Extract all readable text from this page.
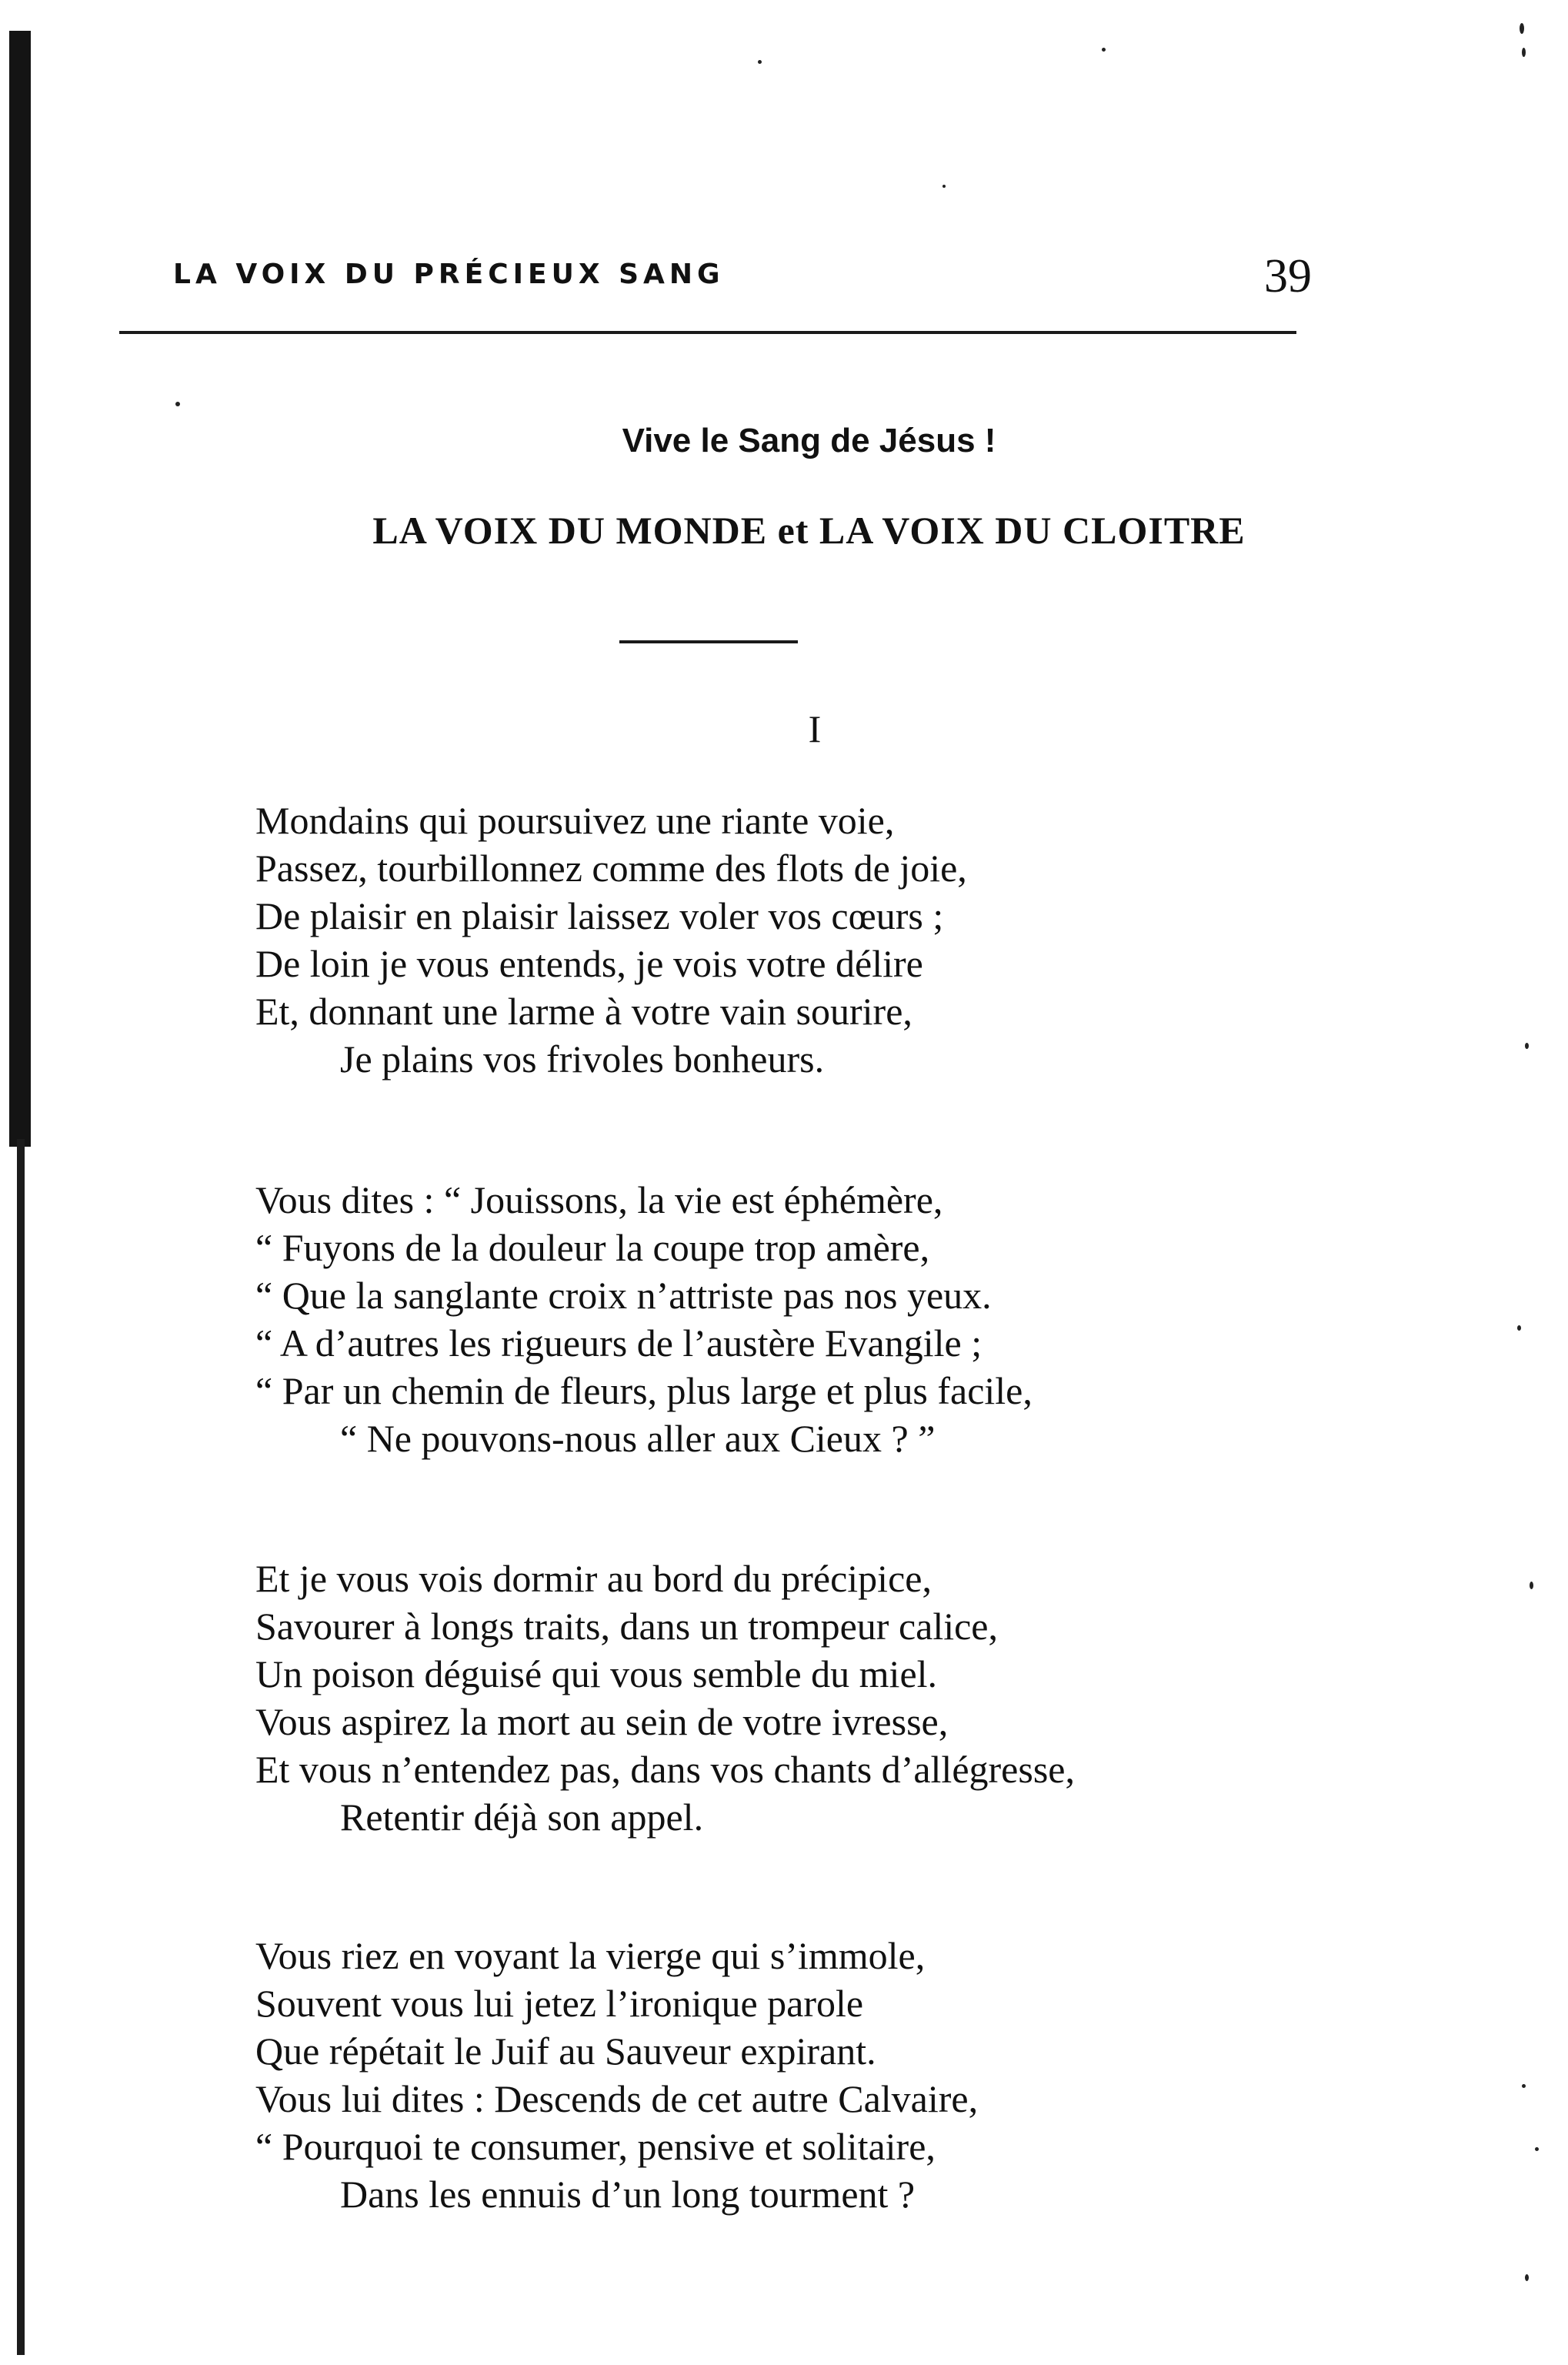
LA VOIX DU PRÉCIEUX SANG	39
Vive le Sang de Jésus !
LA VOIX DU MONDE et LA VOIX DU CLOITRE
I
Mondains qui poursuivez une riante voie,
Passez, tourbillonnez comme des flots de joie,
De plaisir en plaisir laissez voler vos cœurs ;
De loin je vous entends, je vois votre délire
Et, donnant une larme à votre vain sourire,
Je plains vos frivoles bonheurs.
Vous dites : “ Jouissons, la vie est éphémère,
“ Fuyons de la douleur la coupe trop amère,
“ Que la sanglante croix n’attriste pas nos yeux.
“ A d’autres les rigueurs de l’austère Evangile ;
“ Par un chemin de fleurs, plus large et plus facile,
“ Ne pouvons-nous aller aux Cieux ? ”
Et je vous vois dormir au bord du précipice,
Savourer à longs traits, dans un trompeur calice,
Un poison déguisé qui vous semble du miel.
Vous aspirez la mort au sein de votre ivresse,
Et vous n’entendez pas, dans vos chants d’allégresse,
Retentir déjà son appel.
Vous riez en voyant la vierge qui s’immole,
Souvent vous lui jetez l’ironique parole
Que répétait le Juif au Sauveur expirant.
Vous lui dites : Descends de cet autre Calvaire,
“ Pourquoi te consumer, pensive et solitaire,
Dans les ennuis d’un long tourment ?
